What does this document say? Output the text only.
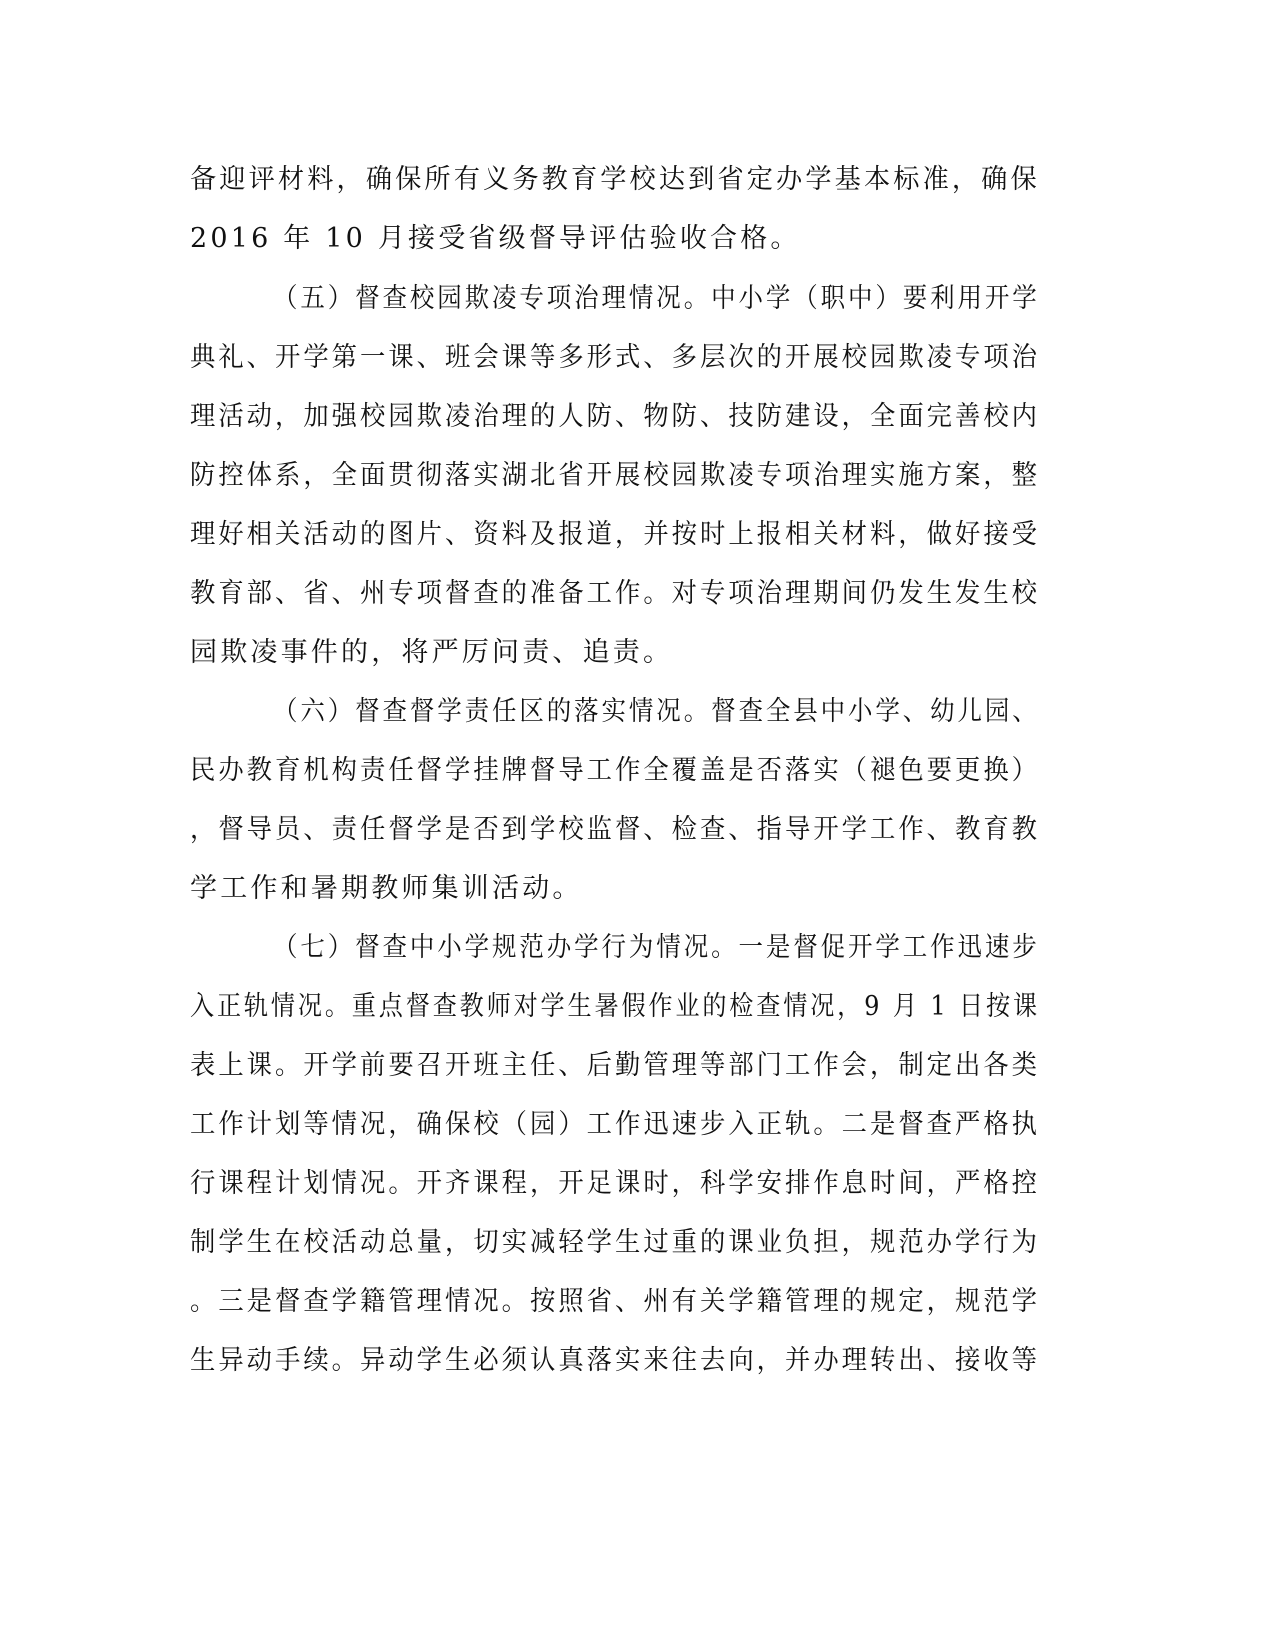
备迎评材料，确保所有义务教育学校达到省定办学基本标准，确保
2016 年 10 月接受省级督导评估验收合格。
（五）督查校园欺凌专项治理情况。中小学（职中）要利用开学
典礼、开学第一课、班会课等多形式、多层次的开展校园欺凌专项治
理活动，加强校园欺凌治理的人防、物防、技防建设，全面完善校内
防控体系，全面贯彻落实湖北省开展校园欺凌专项治理实施方案，整
理好相关活动的图片、资料及报道，并按时上报相关材料，做好接受
教育部、省、州专项督查的准备工作。对专项治理期间仍发生发生校
园欺凌事件的，将严厉问责、追责。
（六）督查督学责任区的落实情况。督查全县中小学、幼儿园、
民办教育机构责任督学挂牌督导工作全覆盖是否落实（褪色要更换）
，督导员、责任督学是否到学校监督、检查、指导开学工作、教育教
学工作和暑期教师集训活动。
（七）督查中小学规范办学行为情况。一是督促开学工作迅速步
入正轨情况。重点督查教师对学生暑假作业的检查情况，9 月 1 日按课
表上课。开学前要召开班主任、后勤管理等部门工作会，制定出各类
工作计划等情况，确保校（园）工作迅速步入正轨。二是督查严格执
行课程计划情况。开齐课程，开足课时，科学安排作息时间，严格控
制学生在校活动总量，切实减轻学生过重的课业负担，规范办学行为
。三是督查学籍管理情况。按照省、州有关学籍管理的规定，规范学
生异动手续。异动学生必须认真落实来往去向，并办理转出、接收等
